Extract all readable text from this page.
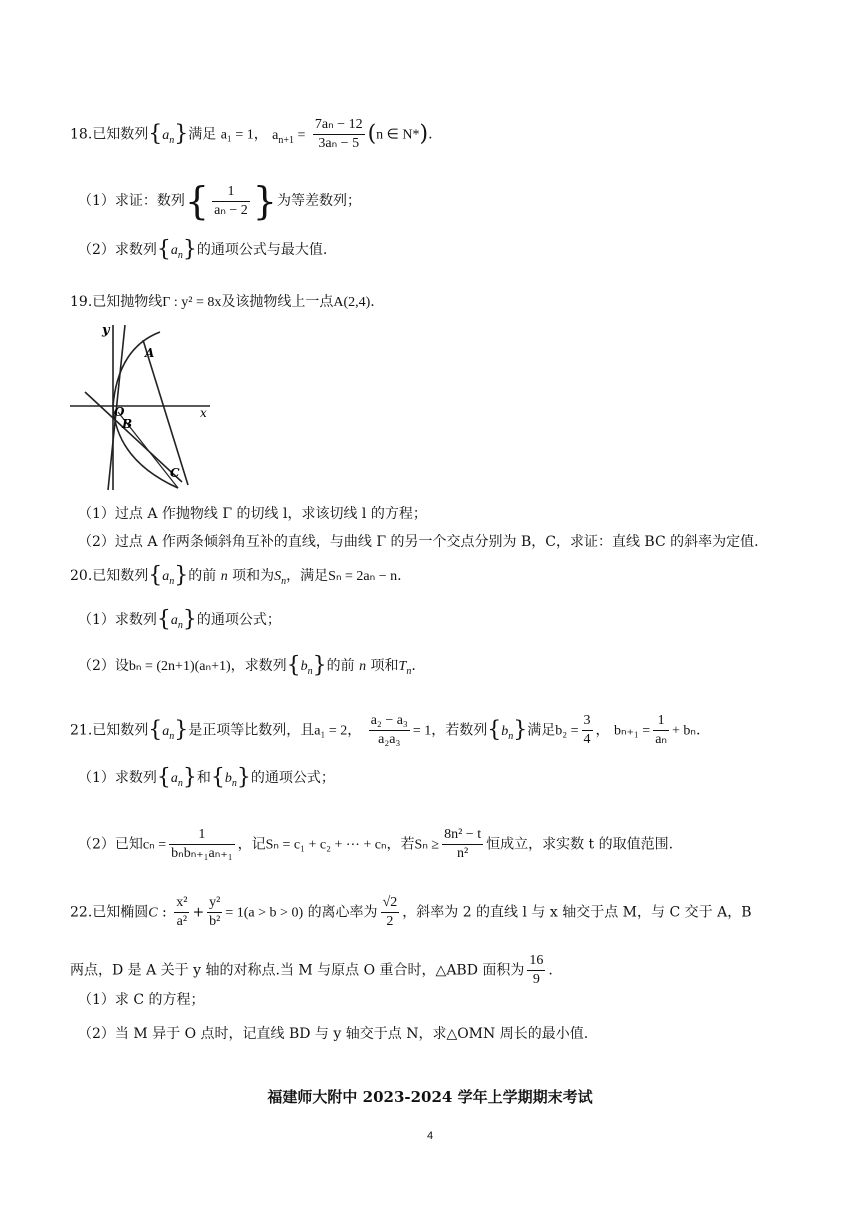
18.已知数列$\{a_n\}$满足 a₁ = 1， $a_{n+1} = \frac{\text{7aₙ − 12}}{\text{3aₙ − 5}} (n$ ∈ N*).
（1）求证：数列{ $\frac{1}{\text{aₙ − 2}}$ }为等差数列；
（2）求数列$\{a_n\}$的通项公式与最大值.
19.已知抛物线Γ : y² = 8x及该抛物线上一点A(2,4).
y
x
A
O
B
C
（1）过点 A 作抛物线 Γ 的切线 l，求该切线 l 的方程；
（2）过点 A 作两条倾斜角互补的直线，与曲线 Γ 的另一个交点分别为 B，C，求证：直线 BC 的斜率为定值.
20.已知数列$\{a_n\}$的前 n 项和为$S_n$，满足Sₙ = 2aₙ − n.
（1）求数列$\{a_n\}$的通项公式；
（2）设bₙ = (2n+1)(aₙ+1)，求数列$\{b_n\}$的前 n 项和$T_n$.
21.已知数列$\{a_n\}$是正项等比数列，且a₁ = 2， $\frac{\text{a₂ − a₃}}{\text{a₂a₃}} = 1$，若数列$\{b_n\}$满足$b_2 = \frac{3}{4}$ ， $b_{n+1} = \frac{1}{\text{aₙ}} + b_n$.
（1）求数列$\{a_n\}$和$\{b_n\}$的通项公式；
（2）已知$c_n = \frac{1}{\text{bₙbₙ₊₁aₙ₊₁}}$ ，记Sₙ = c₁ + c₂ + ⋯ + cₙ，若$S_n \ge \frac{\text{8n² − t}}{\text{n²}}$ 恒成立，求实数 t 的取值范围.
22.已知椭圆C : $\frac{\text{x²}}{\text{a²}} + \frac{\text{y²}}{\text{b²}} = 1(a > b > 0)$ 的离心率为 $\frac{√2}{2}$ ，斜率为 2 的直线 l 与 x 轴交于点 M，与 C 交于 A，B
两点，D 是 A 关于 y 轴的对称点.当 M 与原点 O 重合时，△ABD 面积为 $\frac{16}{9}$ .
（1）求 C 的方程；
（2）当 M 异于 O 点时，记直线 BD 与 y 轴交于点 N，求△OMN 周长的最小值.
福建师大附中 2023-2024 学年上学期期末考试
4
